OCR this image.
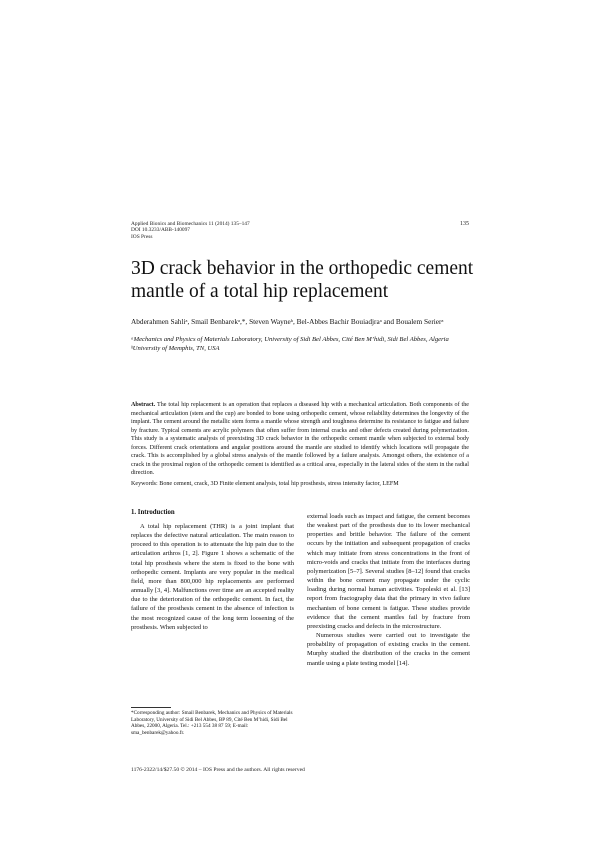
Applied Bionics and Biomechanics 11 (2014) 135–147
DOI 10.3233/ABB-140097
IOS Press
135
3D crack behavior in the orthopedic cement mantle of a total hip replacement
Abderahmen Sahliᵃ, Smail Benbarekᵃ,*, Steven Wayneᵇ, Bel-Abbes Bachir Bouiadjraᵃ and Boualem Serierᵃ
ᵃMechanics and Physics of Materials Laboratory, University of Sidi Bel Abbes, Cité Ben M’hidi, Sidi Bel Abbes, Algeria
ᵇUniversity of Memphis, TN, USA
Abstract. The total hip replacement is an operation that replaces a diseased hip with a mechanical articulation. Both components of the mechanical articulation (stem and the cup) are bonded to bone using orthopedic cement, whose reliability determines the longevity of the implant. The cement around the metallic stem forms a mantle whose strength and toughness determine its resistance to fatigue and failure by fracture. Typical cements are acrylic polymers that often suffer from internal cracks and other defects created during polymerization. This study is a systematic analysis of preexisting 3D crack behavior in the orthopedic cement mantle when subjected to external body forces. Different crack orientations and angular positions around the mantle are studied to identify which locations will propagate the crack. This is accomplished by a global stress analysis of the mantle followed by a failure analysis. Amongst others, the existence of a crack in the proximal region of the orthopedic cement is identified as a critical area, especially in the lateral sides of the stem in the radial direction.
Keywords: Bone cement, crack, 3D Finite element analysis, total hip prosthesis, stress intensity factor, LEFM
1. Introduction

A total hip replacement (THR) is a joint implant that replaces the defective natural articulation. The main reason to proceed to this operation is to attenuate the hip pain due to the articulation arthros [1, 2]. Figure 1 shows a schematic of the total hip prosthesis where the stem is fixed to the bone with orthopedic cement. Implants are very popular in the medical field, more than 800,000 hip replacements are performed annually [3, 4]. Malfunctions over time are an accepted reality due to the deterioration of the orthopedic cement. In fact, the failure of the prosthesis cement in the absence of infection is the most recognized cause of the long term loosening of the prosthesis. When subjected to

*Corresponding author: Smail Benbarek, Mechanics and Physics of Materials Laboratory, University of Sidi Bel Abbes, BP 89, Cité Ben M’hidi, Sidi Bel Abbes, 22000, Algeria. Tel.: +213 554 38 87 59; E-mail: sma_benbarek@yahoo.fr.

external loads such as impact and fatigue, the cement becomes the weakest part of the prosthesis due to its lower mechanical properties and brittle behavior. The failure of the cement occurs by the initiation and subsequent propagation of cracks which may initiate from stress concentrations in the front of micro-voids and cracks that initiate from the interfaces during polymerization [5–7]. Several studies [8–12] found that cracks within the bone cement may propagate under the cyclic loading during normal human activities. Topoleski et al. [13] report from fractography data that the primary in vivo failure mechanism of bone cement is fatigue. These studies provide evidence that the cement mantles fail by fracture from preexisting cracks and defects in the microstructure.

Numerous studies were carried out to investigate the probability of propagation of existing cracks in the cement. Murphy studied the distribution of the cracks in the cement mantle using a plate testing model [14].

1176-2322/14/$27.50 © 2014 – IOS Press and the authors. All rights reserved
